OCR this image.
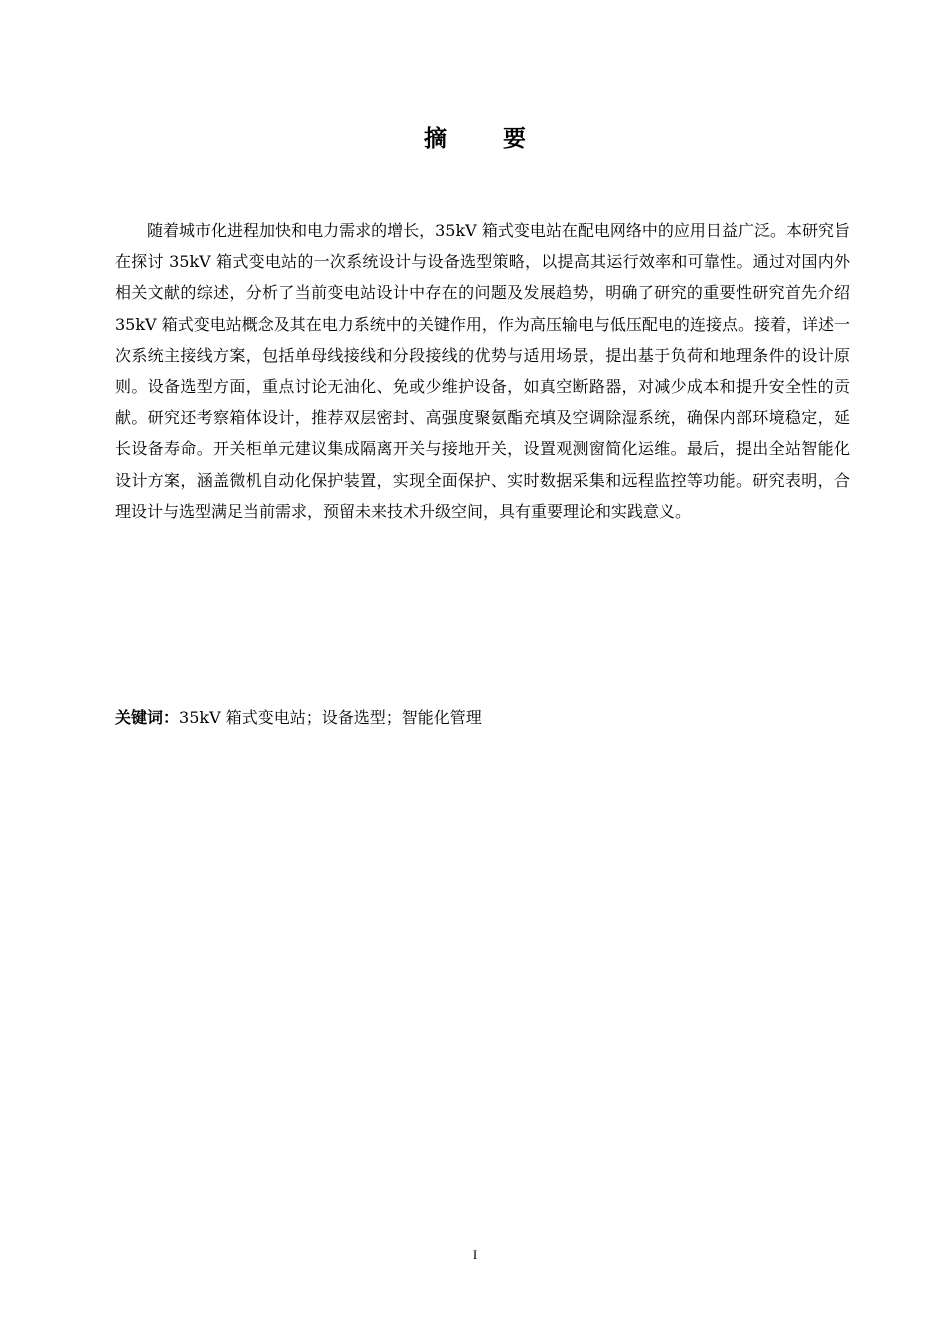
摘 要

随着城市化进程加快和电力需求的增长，35kV 箱式变电站在配电网络中的应用日益广泛。本研究旨在探讨 35kV 箱式变电站的一次系统设计与设备选型策略，以提高其运行效率和可靠性。通过对国内外相关文献的综述，分析了当前变电站设计中存在的问题及发展趋势，明确了研究的重要性研究首先介绍 35kV 箱式变电站概念及其在电力系统中的关键作用，作为高压输电与低压配电的连接点。接着，详述一次系统主接线方案，包括单母线接线和分段接线的优势与适用场景，提出基于负荷和地理条件的设计原则。设备选型方面，重点讨论无油化、免或少维护设备，如真空断路器，对减少成本和提升安全性的贡献。研究还考察箱体设计，推荐双层密封、高强度聚氨酯充填及空调除湿系统，确保内部环境稳定，延长设备寿命。开关柜单元建议集成隔离开关与接地开关，设置观测窗简化运维。最后，提出全站智能化设计方案，涵盖微机自动化保护装置，实现全面保护、实时数据采集和远程监控等功能。研究表明，合理设计与选型满足当前需求，预留未来技术升级空间，具有重要理论和实践意义。

关键词：35kV 箱式变电站；设备选型；智能化管理

I
